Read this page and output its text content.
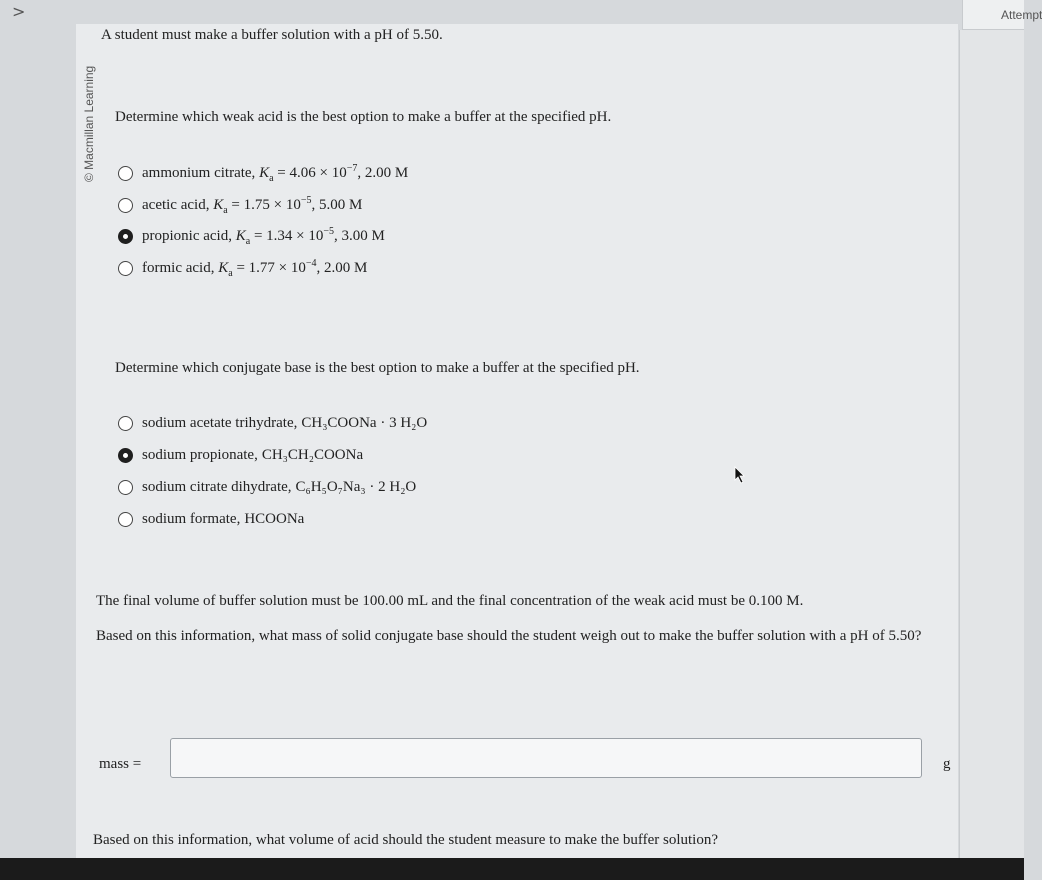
>	Attempt
© Macmillan Learning
A student must make a buffer solution with a pH of 5.50.
Determine which weak acid is the best option to make a buffer at the specified pH.
ammonium citrate, $K_a = 4.06 \times 10^{-7}$, 2.00 M
acetic acid, $K_a = 1.75 \times 10^{-5}$, 5.00 M
propionic acid, $K_a = 1.34 \times 10^{-5}$, 3.00 M
formic acid, $K_a = 1.77 \times 10^{-4}$, 2.00 M
Determine which conjugate base is the best option to make a buffer at the specified pH.
sodium acetate trihydrate, CH₃COONa · 3 H₂O
sodium propionate, CH₃CH₂COONa
sodium citrate dihydrate, C₆H₅O₇Na₃ · 2 H₂O
sodium formate, HCOONa
The final volume of buffer solution must be 100.00 mL and the final concentration of the weak acid must be 0.100 M.
Based on this information, what mass of solid conjugate base should the student weigh out to make the buffer solution with a pH of 5.50?
mass =	g
Based on this information, what volume of acid should the student measure to make the buffer solution?
